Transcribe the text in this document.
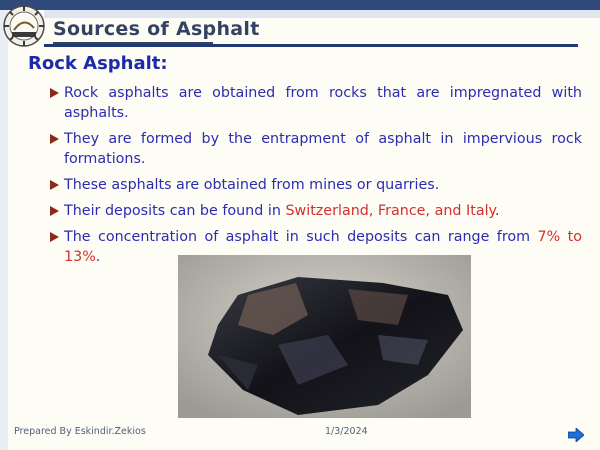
Sources of Asphalt
Rock Asphalt:
Rock asphalts are obtained from rocks that are impregnated with asphalts.
They are formed by the entrapment of asphalt in impervious rock formations.
These asphalts are obtained from mines or quarries.
Their deposits can be found in Switzerland, France, and Italy.
The concentration of asphalt in such deposits can range from 7% to 13%.
Prepared By Eskindir.Zekios	1/3/2024
